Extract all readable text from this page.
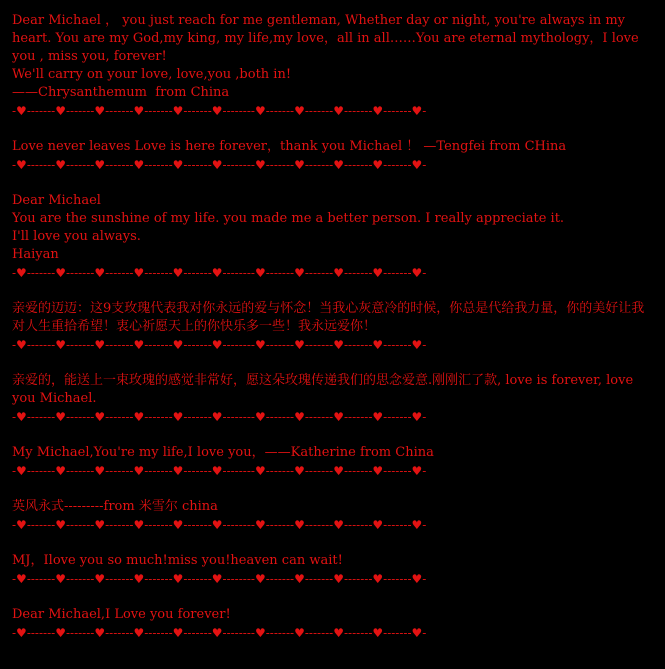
Dear Michael ， you just reach for me gentleman, Whether day or night, you're always in my heart. You are my God,my king, my life,my love，all in all……You are eternal mythology，I love you , miss you, forever!
We'll carry on your love, love,you ,both in!
——Chrysanthemum  from China
-♥-------♥-------♥-------♥-------♥-------♥--------♥-------♥-------♥-------♥-------♥-
Love never leaves Love is here forever，thank you Michael ！ —Tengfei from CHina
-♥-------♥-------♥-------♥-------♥-------♥--------♥-------♥-------♥-------♥-------♥-
Dear Michael
You are the sunshine of my life. you made me a better person. I really appreciate it.
I'll love you always.
Haiyan
-♥-------♥-------♥-------♥-------♥-------♥--------♥-------♥-------♥-------♥-------♥-
亲爱的迈迈：这9支玫瑰代表我对你永远的爱与怀念！当我心灰意冷的时候，你总是代给我力量，你的美好让我对人生重拾希望！衷心祈愿天上的你快乐多一些！我永远爱你！
-♥-------♥-------♥-------♥-------♥-------♥--------♥-------♥-------♥-------♥-------♥-
亲爱的，能送上一束玫瑰的感觉非常好，愿这朵玫瑰传递我们的思念爱意.刚刚汇了款, love is forever, love you Michael.
-♥-------♥-------♥-------♥-------♥-------♥--------♥-------♥-------♥-------♥-------♥-
My Michael,You're my life,I love you，——Katherine from China
-♥-------♥-------♥-------♥-------♥-------♥--------♥-------♥-------♥-------♥-------♥-
英风永式---------from 米雪尔 china
-♥-------♥-------♥-------♥-------♥-------♥--------♥-------♥-------♥-------♥-------♥-
MJ，Ilove you so much!miss you!heaven can wait!
-♥-------♥-------♥-------♥-------♥-------♥--------♥-------♥-------♥-------♥-------♥-
Dear Michael,I Love you forever!
-♥-------♥-------♥-------♥-------♥-------♥--------♥-------♥-------♥-------♥-------♥-
